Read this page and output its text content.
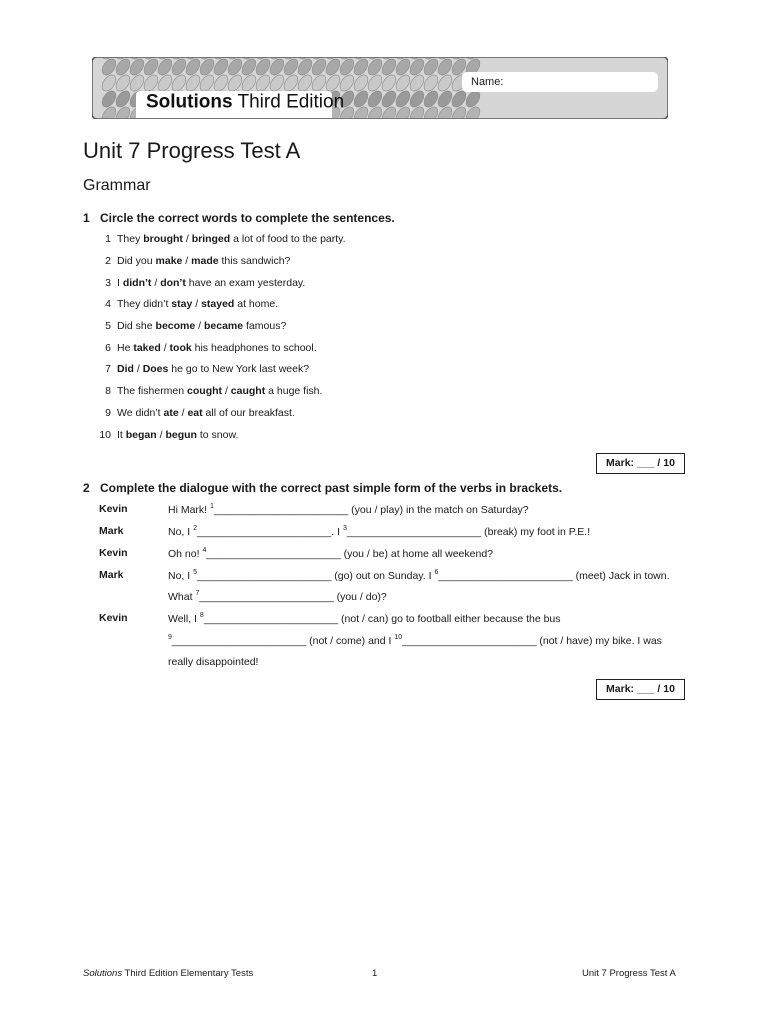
Solutions Third Edition
Name:
Unit 7 Progress Test A
Grammar
1 Circle the correct words to complete the sentences.
1 They brought / bringed a lot of food to the party.
2 Did you make / made this sandwich?
3 I didn’t / don’t have an exam yesterday.
4 They didn’t stay / stayed at home.
5 Did she become / became famous?
6 He taked / took his headphones to school.
7 Did / Does he go to New York last week?
8 The fishermen cought / caught a huge fish.
9 We didn’t ate / eat all of our breakfast.
10 It began / begun to snow.
Mark: ___ / 10
2 Complete the dialogue with the correct past simple form of the verbs in brackets.
Kevin
Mark
Kevin
Mark
Kevin
Hi Mark! $^1$_______________________ (you / play) in the match on Saturday?
No, I $^2$_______________________. I $^3$_______________________ (break) my foot in P.E.!
Oh no! $^4$_______________________ (you / be) at home all weekend?
No, I $^5$_______________________ (go) out on Sunday. I $^6$_______________________ (meet) Jack in town.
What $^7$_______________________ (you / do)?
Well, I $^8$_______________________ (not / can) go to football either because the bus
$^9$_______________________ (not / come) and I $^{10}$_______________________ (not / have) my bike. I was
really disappointed!
Mark: ___ / 10
Solutions Third Edition Elementary Tests	1	Unit 7 Progress Test A
